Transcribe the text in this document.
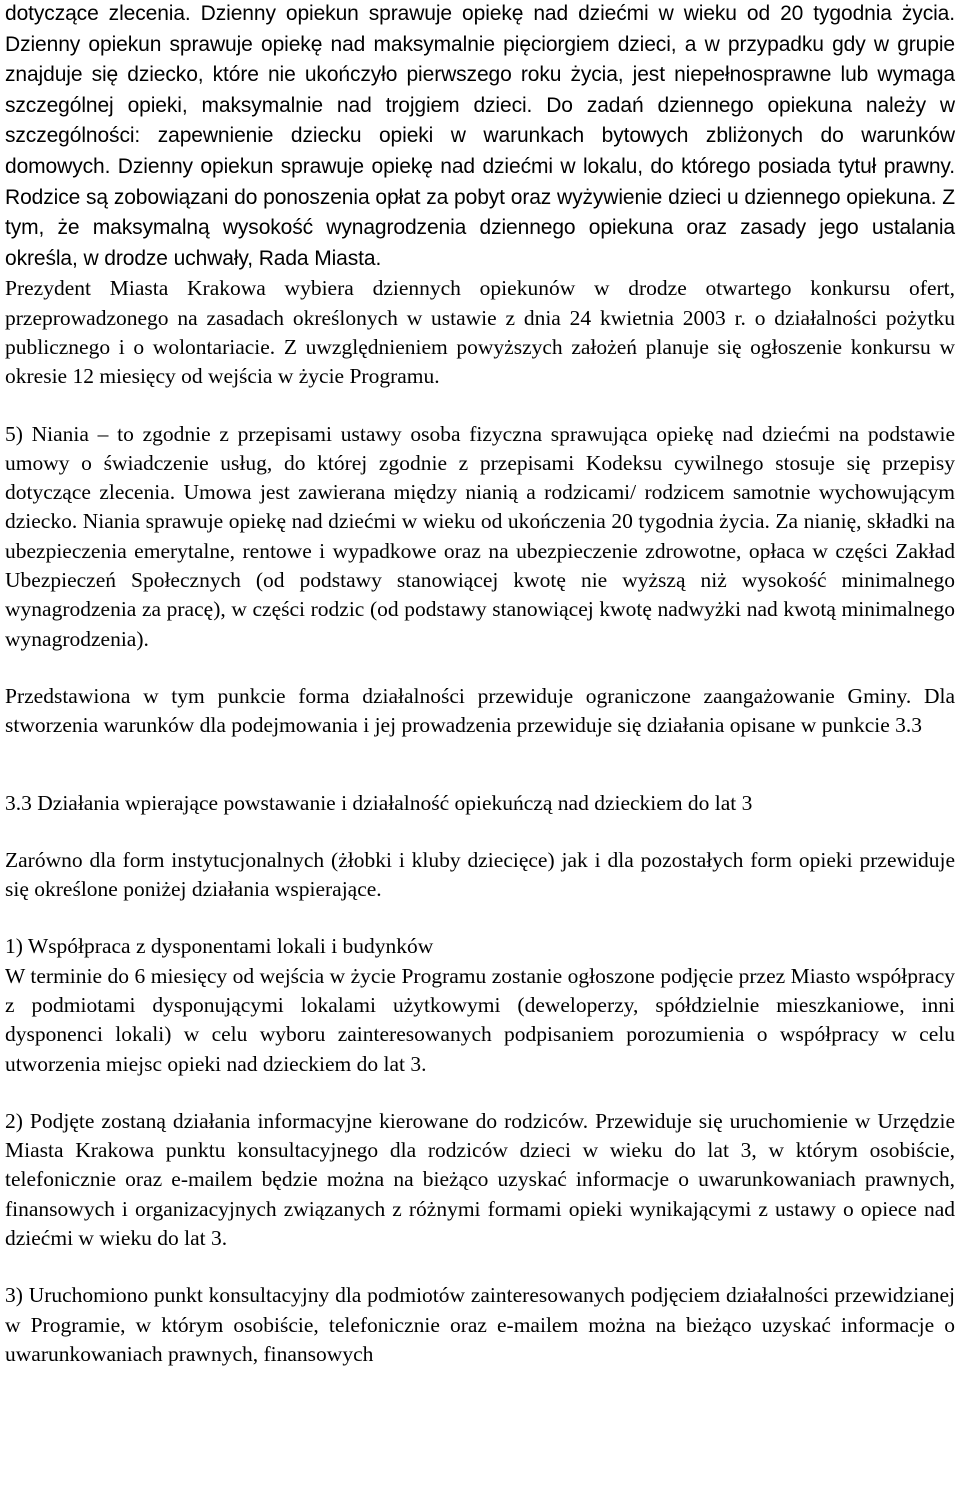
dotyczące zlecenia. Dzienny opiekun sprawuje opiekę nad dziećmi w wieku od 20 tygodnia życia. Dzienny opiekun sprawuje opiekę nad maksymalnie pięciorgiem dzieci, a w przypadku gdy w grupie znajduje się dziecko, które nie ukończyło pierwszego roku życia, jest niepełnosprawne lub wymaga szczególnej opieki, maksymalnie nad trojgiem dzieci. Do zadań dziennego opiekuna należy w szczególności: zapewnienie dziecku opieki w warunkach bytowych zbliżonych do warunków domowych. Dzienny opiekun sprawuje opiekę nad dziećmi w lokalu, do którego posiada tytuł prawny. Rodzice są zobowiązani do ponoszenia opłat za pobyt oraz wyżywienie dzieci u dziennego opiekuna. Z tym, że maksymalną wysokość wynagrodzenia dziennego opiekuna oraz zasady jego ustalania określa, w drodze uchwały, Rada Miasta.

Prezydent Miasta Krakowa wybiera dziennych opiekunów w drodze otwartego konkursu ofert, przeprowadzonego na zasadach określonych w ustawie z dnia 24 kwietnia 2003 r. o działalności pożytku publicznego i o wolontariacie. Z uwzględnieniem powyższych założeń planuje się ogłoszenie konkursu w okresie 12 miesięcy od wejścia w życie Programu.

5) Niania – to zgodnie z przepisami ustawy osoba fizyczna sprawująca opiekę nad dziećmi na podstawie umowy o świadczenie usług, do której zgodnie z przepisami Kodeksu cywilnego stosuje się przepisy dotyczące zlecenia. Umowa jest zawierana między nianią a rodzicami/ rodzicem samotnie wychowującym dziecko. Niania sprawuje opiekę nad dziećmi w wieku od ukończenia 20 tygodnia życia. Za nianię, składki na ubezpieczenia emerytalne, rentowe i wypadkowe oraz na ubezpieczenie zdrowotne, opłaca w części Zakład Ubezpieczeń Społecznych (od podstawy stanowiącej kwotę nie wyższą niż wysokość minimalnego wynagrodzenia za pracę), w części rodzic (od podstawy stanowiącej kwotę nadwyżki nad kwotą minimalnego wynagrodzenia).

Przedstawiona w tym punkcie forma działalności przewiduje ograniczone zaangażowanie Gminy. Dla stworzenia warunków dla podejmowania i jej prowadzenia przewiduje się działania opisane w punkcie 3.3

3.3 Działania wpierające powstawanie i działalność opiekuńczą nad dzieckiem do lat 3

Zarówno dla form instytucjonalnych (żłobki i kluby dziecięce) jak i dla pozostałych form opieki przewiduje się określone poniżej działania wspierające.

1) Współpraca z dysponentami lokali i budynków

W terminie do 6 miesięcy od wejścia w życie Programu zostanie ogłoszone podjęcie przez Miasto współpracy z podmiotami dysponującymi lokalami użytkowymi (deweloperzy, spółdzielnie mieszkaniowe, inni dysponenci lokali) w celu wyboru zainteresowanych podpisaniem porozumienia o współpracy w celu utworzenia miejsc opieki nad dzieckiem do lat 3.

2) Podjęte zostaną działania informacyjne kierowane do rodziców. Przewiduje się uruchomienie w Urzędzie Miasta Krakowa punktu konsultacyjnego dla rodziców dzieci w wieku do lat 3, w którym osobiście, telefonicznie oraz e-mailem będzie można na bieżąco uzyskać informacje o uwarunkowaniach prawnych, finansowych i organizacyjnych związanych z różnymi formami opieki wynikającymi z ustawy o opiece nad dziećmi w wieku do lat 3.

3) Uruchomiono punkt konsultacyjny dla podmiotów zainteresowanych podjęciem działalności przewidzianej w Programie, w którym osobiście, telefonicznie oraz e-mailem można na bieżąco uzyskać informacje o uwarunkowaniach prawnych, finansowych
